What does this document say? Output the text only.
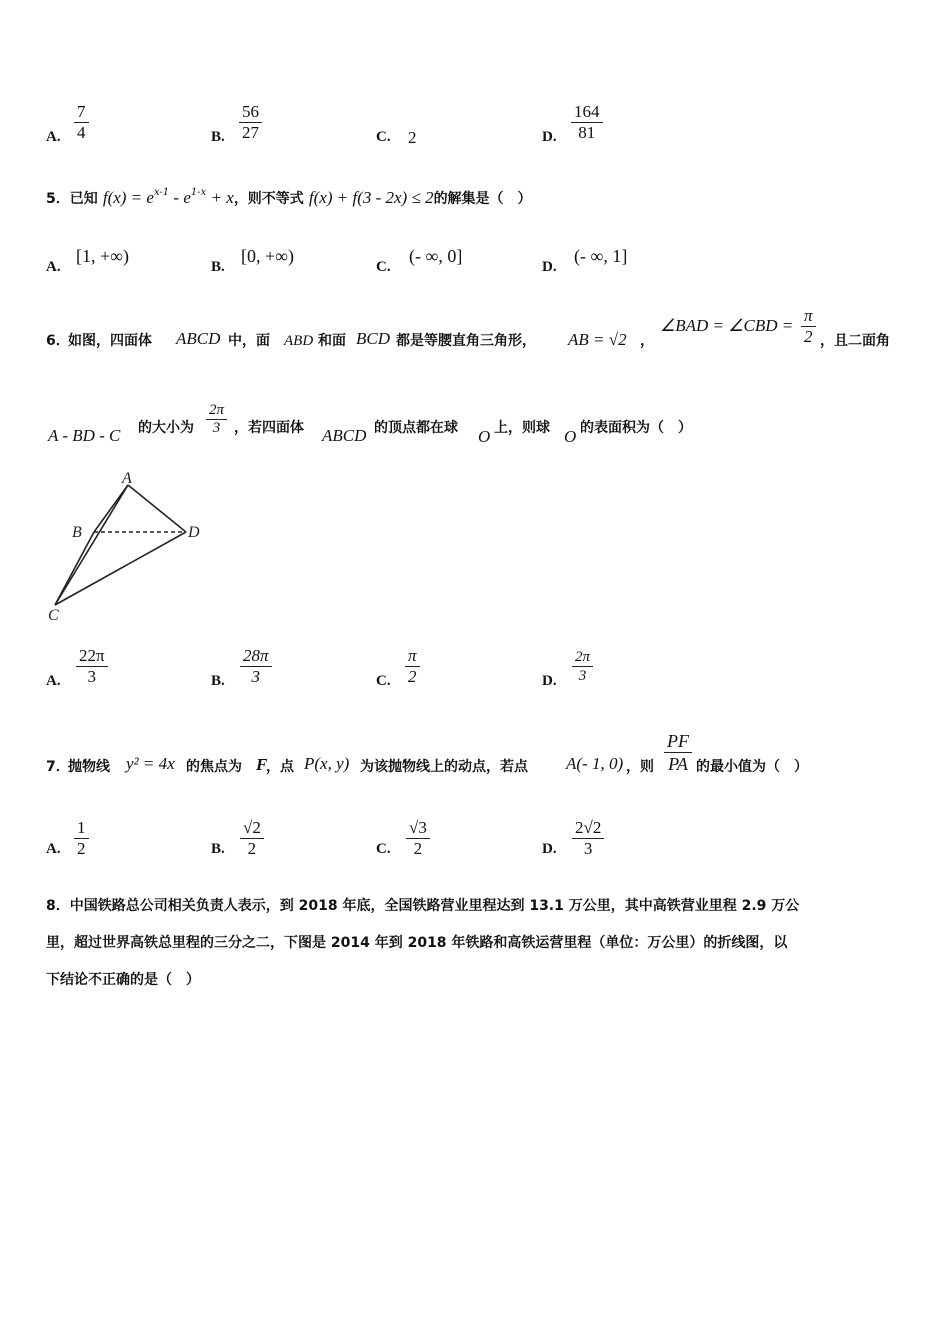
A. $\frac{7}{4}$	B. $\frac{56}{27}$	C. 2	D. $\frac{164}{81}$
5．已知 $f(x) = e^{x-1} - e^{1-x} + x$，则不等式 f(x) + f(3 - 2x) ≤ 2的解集是（　）
A.
[1, +∞)
B.
[0, +∞)
C.
(- ∞, 0]
D.
(- ∞, 1]
6．
如图，四面体 ABCD 中，面 ABD 和面 BCD 都是等腰直角三角形， AB = √2 ，
∠BAD = ∠CBD = $\frac{\pi}{2}$ ，且二面角
A - BD - C 的大小为 $\frac{2\pi}{3}$ ，若四面体 ABCD 的顶点都在球 O 上，则球 O 的表面积为（　）
A
B	D
C
A. $\frac{22\pi}{3}$	B. $\frac{28\pi}{3}$	C. $\frac{\pi}{2}$	D. $\frac{2\pi}{3}$
7．
抛物线 y² = 4x 的焦点为 F
，点 P(x, y) 为该抛物线上的动点，若点 A(- 1, 0) ，则 $\frac{PF}{PA}$ 的最小值为（　）
A. $\frac{1}{2}$	B. $\frac{√2}{2}$	C. $\frac{√3}{2}$	D. $\frac{2√2}{3}$
8．中国铁路总公司相关负责人表示，到 2018 年底，全国铁路营业里程达到 13.1 万公里，其中高铁营业里程 2.9 万公
里，超过世界高铁总里程的三分之二，下图是 2014 年到 2018 年铁路和高铁运营里程（单位：万公里）的折线图，以
下结论不正确的是（　）
